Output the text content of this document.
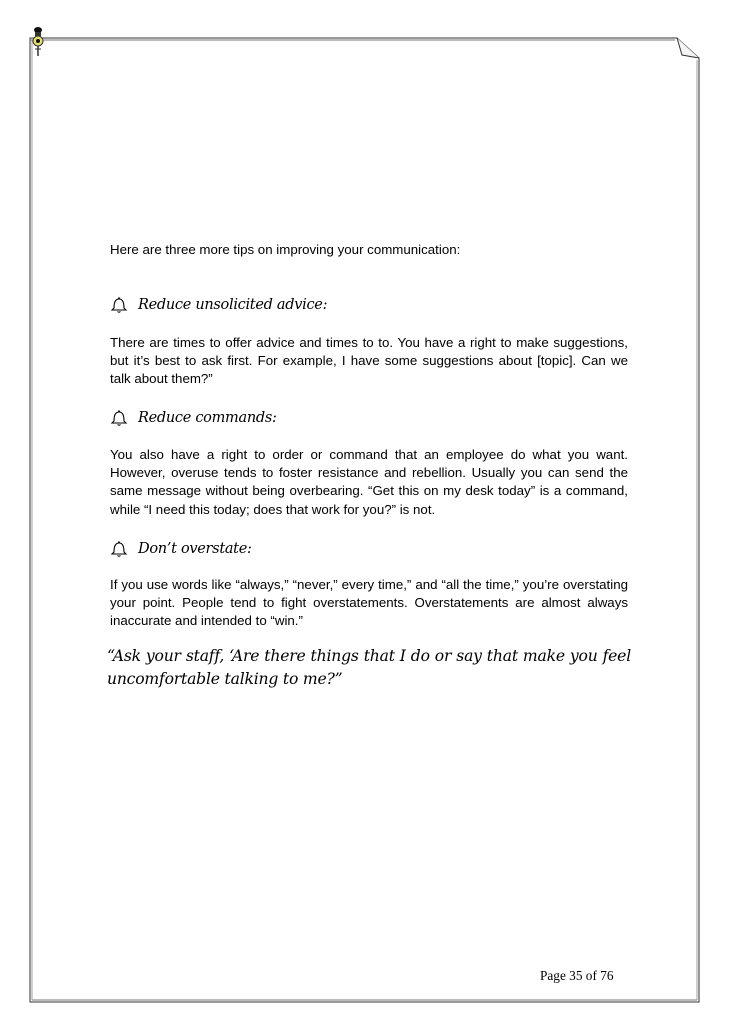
Here are three more tips on improving your communication:
Reduce unsolicited advice:
There are times to offer advice and times to to. You have a right to make suggestions, but it’s best to ask first. For example, I have some suggestions about [topic]. Can we talk about them?”
Reduce commands:
You also have a right to order or command that an employee do what you want. However, overuse tends to foster resistance and rebellion. Usually you can send the same message without being overbearing. “Get this on my desk today” is a command, while “I need this today; does that work for you?” is not.
Don’t overstate:
If you use words like “always,” “never,” every time,” and “all the time,” you’re overstating your point. People tend to fight overstatements. Overstatements are almost always inaccurate and intended to “win.”
“Ask your staff, ‘Are there things that I do or say that make you feel uncomfortable talking to me?”
Page 35 of 76
